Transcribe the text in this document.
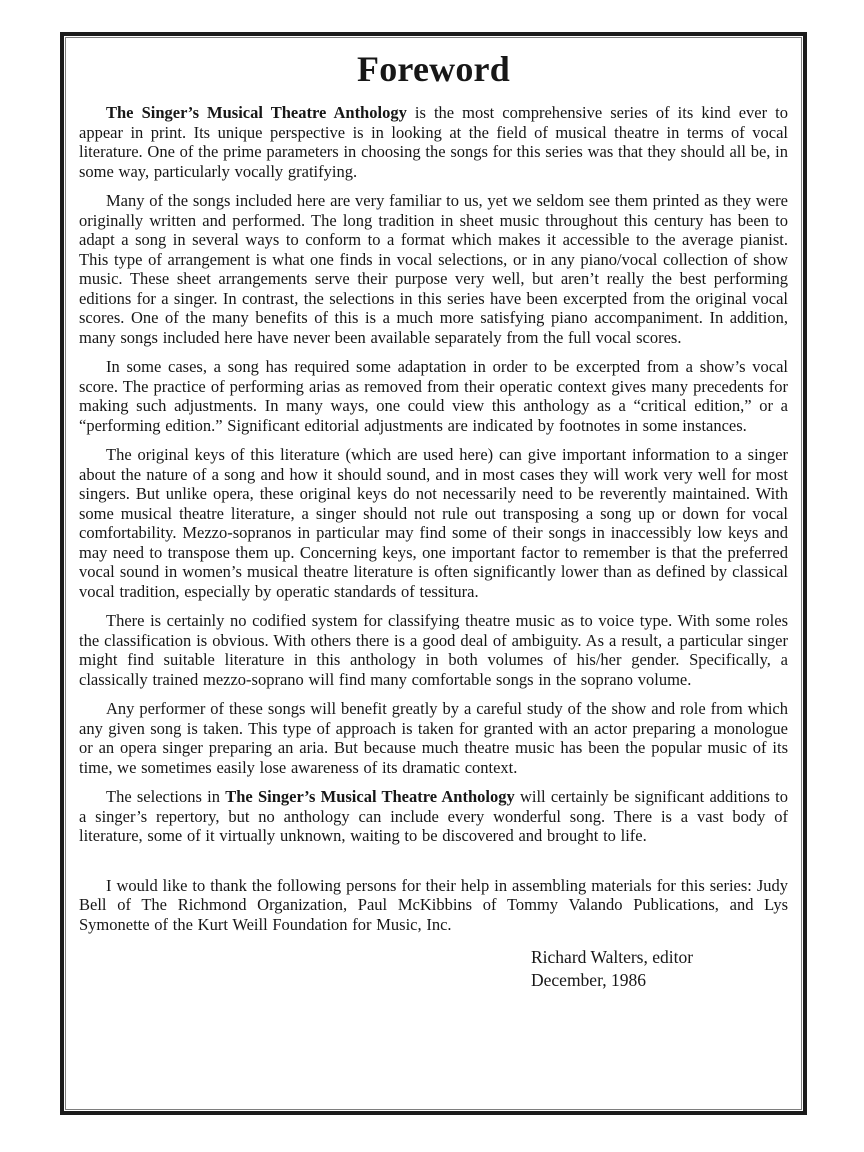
Foreword

The Singer’s Musical Theatre Anthology is the most comprehensive series of its kind ever to appear in print. Its unique perspective is in looking at the field of musical theatre in terms of vocal literature. One of the prime parameters in choosing the songs for this series was that they should all be, in some way, particularly vocally gratifying.

Many of the songs included here are very familiar to us, yet we seldom see them printed as they were originally written and performed. The long tradition in sheet music throughout this century has been to adapt a song in several ways to conform to a format which makes it accessible to the average pianist. This type of arrangement is what one finds in vocal selections, or in any piano/vocal collection of show music. These sheet arrangements serve their purpose very well, but aren’t really the best performing editions for a singer. In contrast, the selections in this series have been excerpted from the original vocal scores. One of the many benefits of this is a much more satisfying piano accompaniment. In addition, many songs included here have never been available separately from the full vocal scores.

In some cases, a song has required some adaptation in order to be excerpted from a show’s vocal score. The practice of performing arias as removed from their operatic context gives many precedents for making such adjustments. In many ways, one could view this anthology as a “critical edition,” or a “performing edition.” Significant editorial adjustments are indicated by footnotes in some instances.

The original keys of this literature (which are used here) can give important information to a singer about the nature of a song and how it should sound, and in most cases they will work very well for most singers. But unlike opera, these original keys do not necessarily need to be reverently maintained. With some musical theatre literature, a singer should not rule out transposing a song up or down for vocal comfortability. Mezzo-sopranos in particular may find some of their songs in inaccessibly low keys and may need to transpose them up. Concerning keys, one important factor to remember is that the preferred vocal sound in women’s musical theatre literature is often significantly lower than as defined by classical vocal tradition, especially by operatic standards of tessitura.

There is certainly no codified system for classifying theatre music as to voice type. With some roles the classification is obvious. With others there is a good deal of ambiguity. As a result, a particular singer might find suitable literature in this anthology in both volumes of his/her gender. Specifically, a classically trained mezzo-soprano will find many comfortable songs in the soprano volume.

Any performer of these songs will benefit greatly by a careful study of the show and role from which any given song is taken. This type of approach is taken for granted with an actor preparing a monologue or an opera singer preparing an aria. But because much theatre music has been the popular music of its time, we sometimes easily lose awareness of its dramatic context.

The selections in The Singer’s Musical Theatre Anthology will certainly be significant additions to a singer’s repertory, but no anthology can include every wonderful song. There is a vast body of literature, some of it virtually unknown, waiting to be discovered and brought to life.

I would like to thank the following persons for their help in assembling materials for this series: Judy Bell of The Richmond Organization, Paul McKibbins of Tommy Valando Publications, and Lys Symonette of the Kurt Weill Foundation for Music, Inc.

Richard Walters, editor
December, 1986
